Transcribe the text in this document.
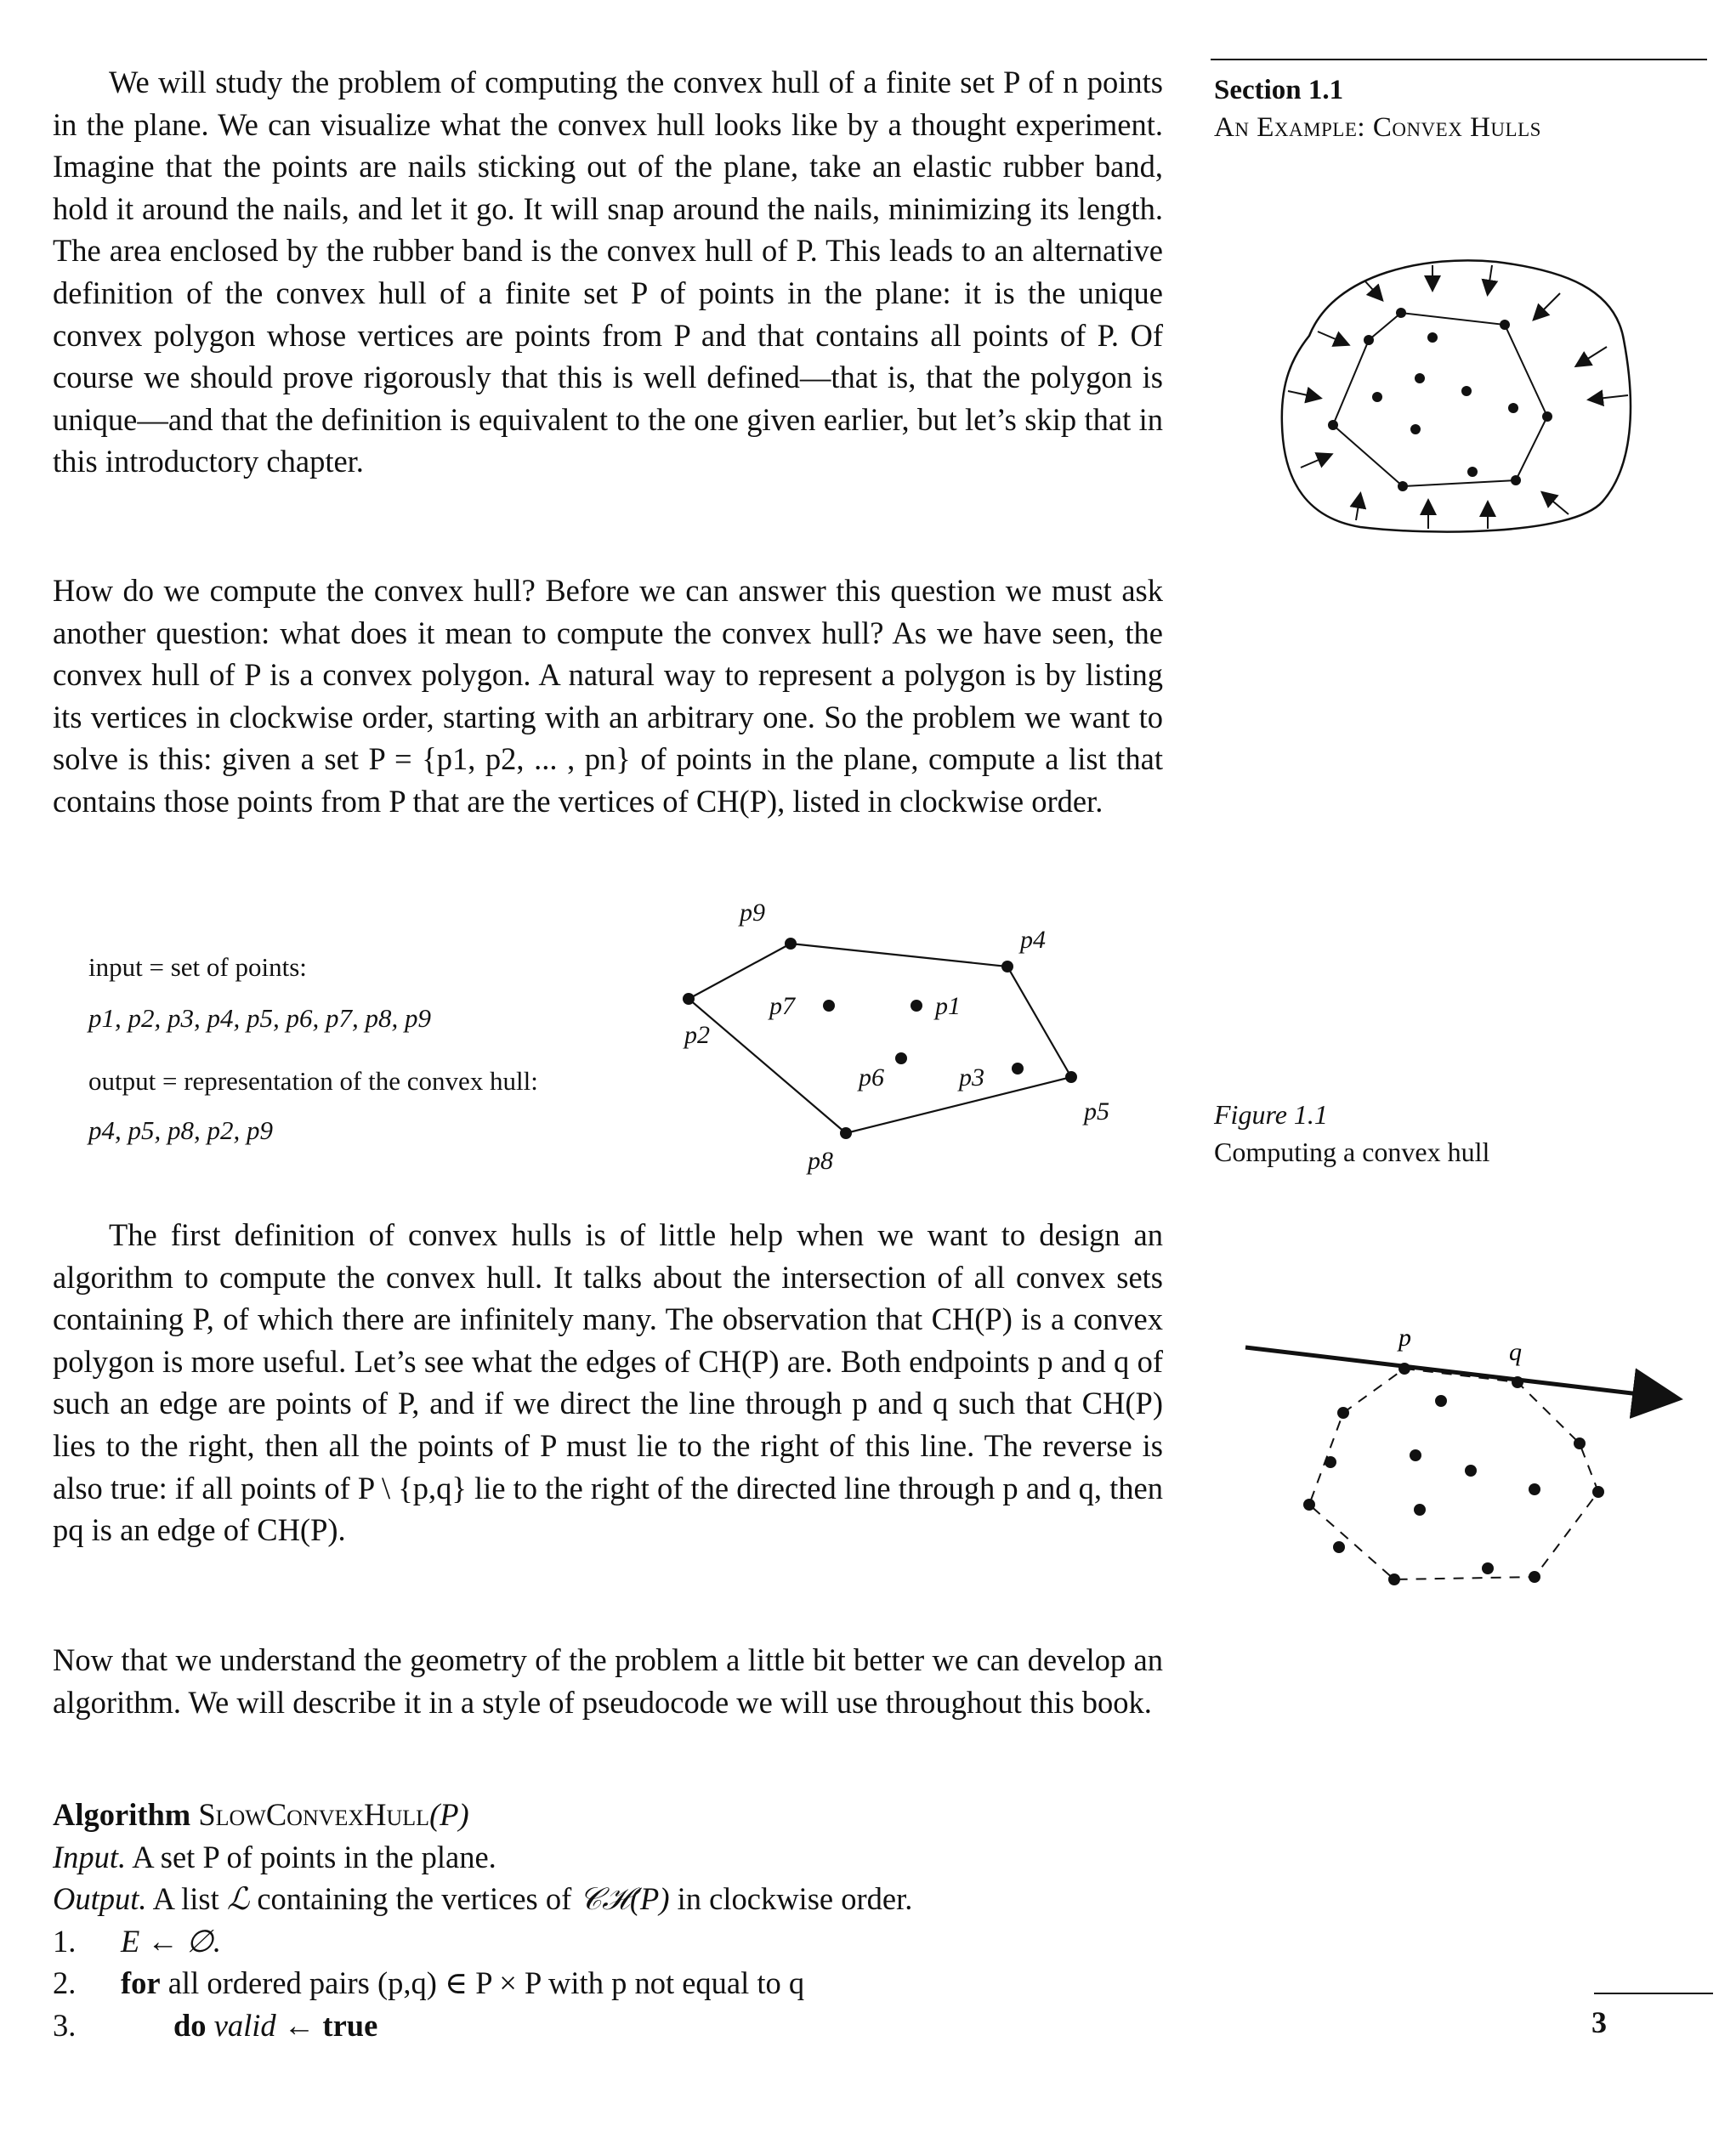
Section 1.1
An Example: Convex Hulls

We will study the problem of computing the convex hull of a finite set P of n points in the plane. We can visualize what the convex hull looks like by a thought experiment. Imagine that the points are nails sticking out of the plane, take an elastic rubber band, hold it around the nails, and let it go. It will snap around the nails, minimizing its length. The area enclosed by the rubber band is the convex hull of P. This leads to an alternative definition of the convex hull of a finite set P of points in the plane: it is the unique convex polygon whose vertices are points from P and that contains all points of P. Of course we should prove rigorously that this is well defined—that is, that the polygon is unique—and that the definition is equivalent to the one given earlier, but let’s skip that in this introductory chapter.

How do we compute the convex hull? Before we can answer this question we must ask another question: what does it mean to compute the convex hull? As we have seen, the convex hull of P is a convex polygon. A natural way to represent a polygon is by listing its vertices in clockwise order, starting with an arbitrary one. So the problem we want to solve is this: given a set P = {p1, p2, ... , pn} of points in the plane, compute a list that contains those points from P that are the vertices of CH(P), listed in clockwise order.

input = set of points:
p1, p2, p3, p4, p5, p6, p7, p8, p9
output = representation of the convex hull:
p4, p5, p8, p2, p9
p9
p4
p5
p8
p2
p7	p1
p6	p3
Figure 1.1
Computing a convex hull

The first definition of convex hulls is of little help when we want to design an algorithm to compute the convex hull. It talks about the intersection of all convex sets containing P, of which there are infinitely many. The observation that CH(P) is a convex polygon is more useful. Let’s see what the edges of CH(P) are. Both endpoints p and q of such an edge are points of P, and if we direct the line through p and q such that CH(P) lies to the right, then all the points of P must lie to the right of this line. The reverse is also true: if all points of P \ {p,q} lie to the right of the directed line through p and q, then pq is an edge of CH(P).

p
q

Now that we understand the geometry of the problem a little bit better we can develop an algorithm. We will describe it in a style of pseudocode we will use throughout this book.

Algorithm SlowConvexHull(P)
Input. A set P of points in the plane.
Output. A list ℒ containing the vertices of 𝒞ℋ(P) in clockwise order.
1.	E ← ∅.
2.	for all ordered pairs (p,q) ∈ P × P with p not equal to q
3.	do valid ← true	3
